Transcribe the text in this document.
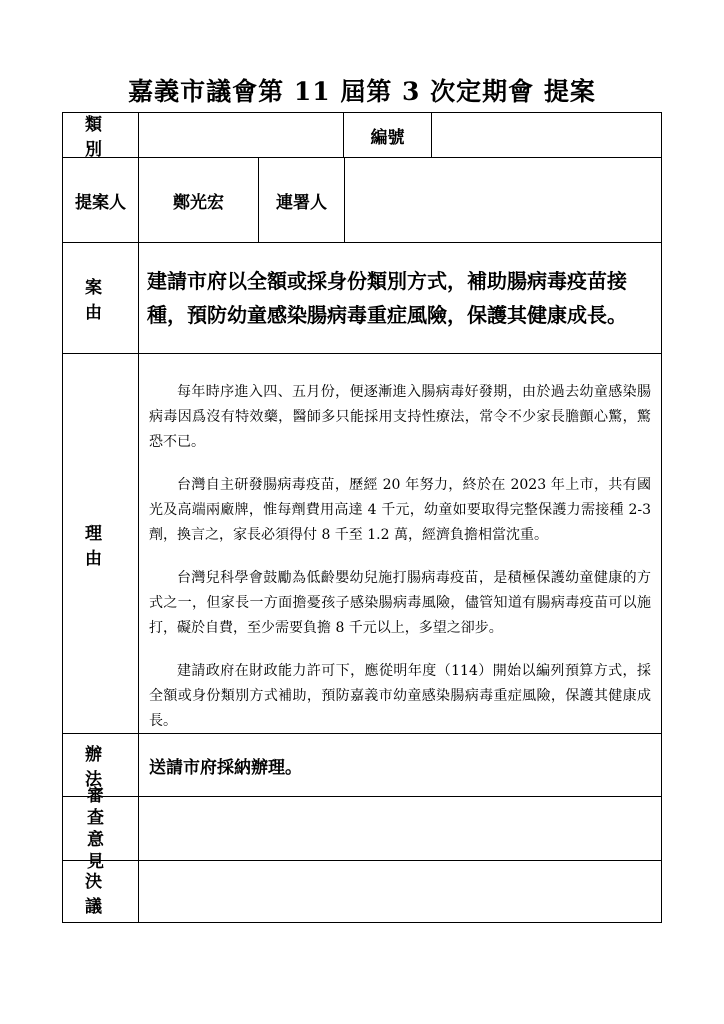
嘉義市議會第 11 屆第 3 次定期會 提案
類別
編號
提案人	鄭光宏	連署人
案由
建請市府以全額或採身份類別方式，補助腸病毒疫苗接種，預防幼童感染腸病毒重症風險，保護其健康成長。
理由

每年時序進入四、五月份，便逐漸進入腸病毒好發期，由於過去幼童感染腸病毒因爲沒有特效藥，醫師多只能採用支持性療法，常令不少家長膽顫心驚，驚恐不已。

台灣自主研發腸病毒疫苗，歷經 20 年努力，終於在 2023 年上市，共有國光及高端兩廠牌，惟每劑費用高達 4 千元，幼童如要取得完整保護力需接種 2-3 劑，換言之，家長必須得付 8 千至 1.2 萬，經濟負擔相當沈重。

台灣兒科學會鼓勵為低齡嬰幼兒施打腸病毒疫苗，是積極保護幼童健康的方式之一，但家長一方面擔憂孩子感染腸病毒風險，儘管知道有腸病毒疫苗可以施打，礙於自費，至少需要負擔 8 千元以上，多望之卻步。

建請政府在財政能力許可下，應從明年度（114）開始以編列預算方式，採全額或身份類別方式補助，預防嘉義市幼童感染腸病毒重症風險，保護其健康成長。

辦法
送請市府採納辦理。
審查
意見
決議
